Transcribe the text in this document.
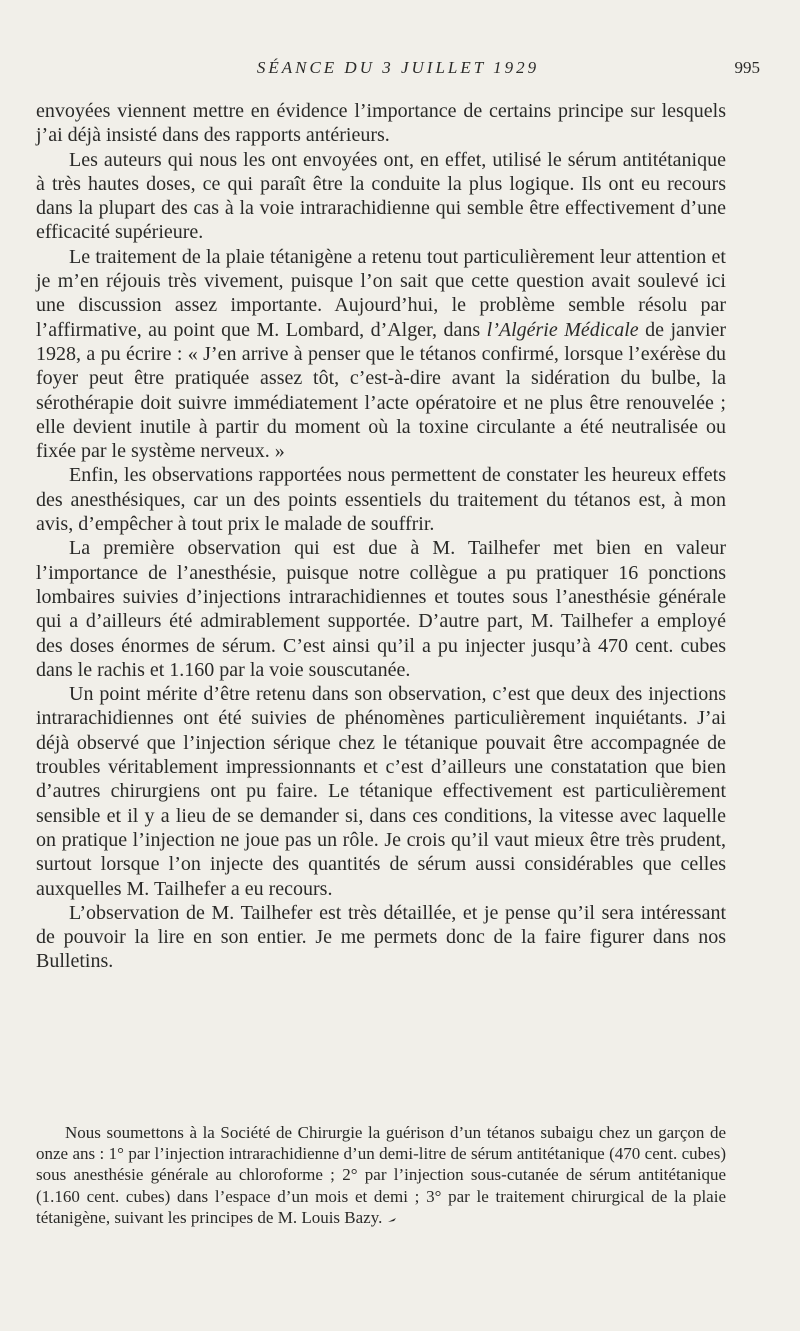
SÉANCE DU 3 JUILLET 1929	995

envoyées viennent mettre en évidence l’importance de certains principe sur lesquels j’ai déjà insisté dans des rapports antérieurs.

Les auteurs qui nous les ont envoyées ont, en effet, utilisé le sérum antitétanique à très hautes doses, ce qui paraît être la conduite la plus logique. Ils ont eu recours dans la plupart des cas à la voie intrarachidienne qui semble être effectivement d’une efficacité supérieure.

Le traitement de la plaie tétanigène a retenu tout particulièrement leur attention et je m’en réjouis très vivement, puisque l’on sait que cette question avait soulevé ici une discussion assez importante. Aujourd’hui, le problème semble résolu par l’affirmative, au point que M. Lombard, d’Alger, dans l’Algérie Médicale de janvier 1928, a pu écrire : « J’en arrive à penser que le tétanos confirmé, lorsque l’exérèse du foyer peut être pratiquée assez tôt, c’est-à-dire avant la sidération du bulbe, la sérothérapie doit suivre immédiatement l’acte opératoire et ne plus être renouvelée ; elle devient inutile à partir du moment où la toxine circulante a été neutralisée ou fixée par le système nerveux. »

Enfin, les observations rapportées nous permettent de constater les heureux effets des anesthésiques, car un des points essentiels du traitement du tétanos est, à mon avis, d’empêcher à tout prix le malade de souffrir.

La première observation qui est due à M. Tailhefer met bien en valeur l’importance de l’anesthésie, puisque notre collègue a pu pratiquer 16 ponctions lombaires suivies d’injections intrarachidiennes et toutes sous l’anesthésie générale qui a d’ailleurs été admirablement supportée. D’autre part, M. Tailhefer a employé des doses énormes de sérum. C’est ainsi qu’il a pu injecter jusqu’à 470 cent. cubes dans le rachis et 1.160 par la voie souscutanée.

Un point mérite d’être retenu dans son observation, c’est que deux des injections intrarachidiennes ont été suivies de phénomènes particulièrement inquiétants. J’ai déjà observé que l’injection sérique chez le tétanique pouvait être accompagnée de troubles véritablement impressionnants et c’est d’ailleurs une constatation que bien d’autres chirurgiens ont pu faire. Le tétanique effectivement est particulièrement sensible et il y a lieu de se demander si, dans ces conditions, la vitesse avec laquelle on pratique l’injection ne joue pas un rôle. Je crois qu’il vaut mieux être très prudent, surtout lorsque l’on injecte des quantités de sérum aussi considérables que celles auxquelles M. Tailhefer a eu recours.

L’observation de M. Tailhefer est très détaillée, et je pense qu’il sera intéressant de pouvoir la lire en son entier. Je me permets donc de la faire figurer dans nos Bulletins.

Nous soumettons à la Société de Chirurgie la guérison d’un tétanos subaigu chez un garçon de onze ans : 1° par l’injection intrarachidienne d’un demi-litre de sérum antitétanique (470 cent. cubes) sous anesthésie générale au chloroforme ; 2° par l’injection sous-cutanée de sérum antitétanique (1.160 cent. cubes) dans l’espace d’un mois et demi ; 3° par le traitement chirurgical de la plaie tétanigène, suivant les principes de M. Louis Bazy.
